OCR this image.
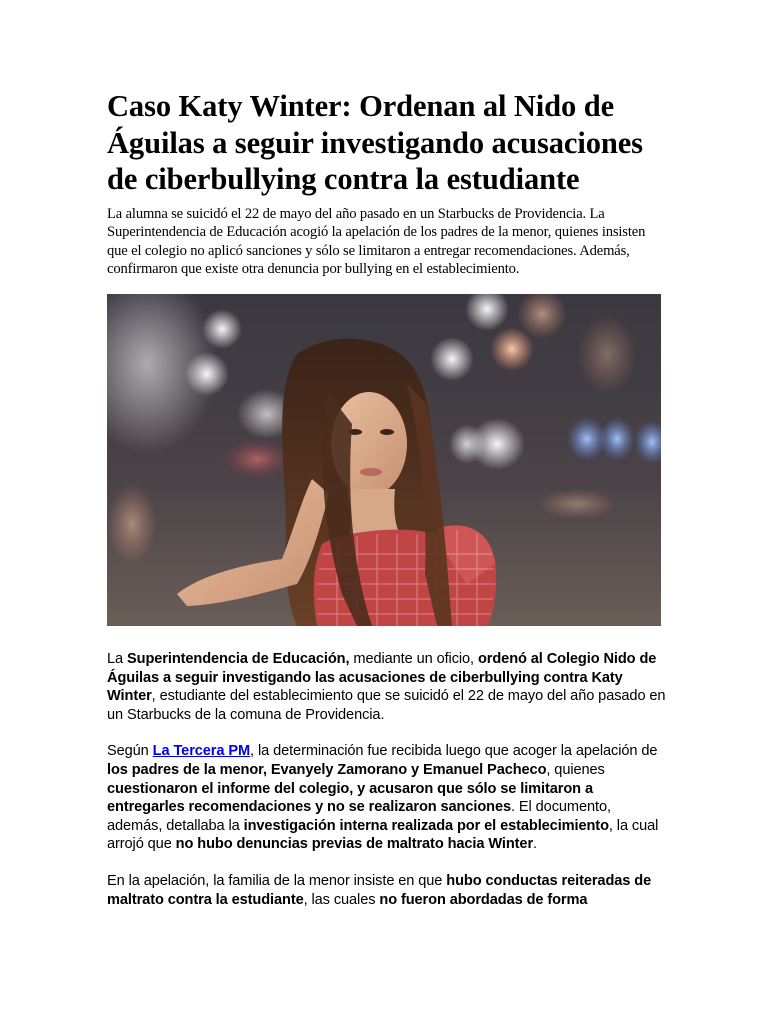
Caso Katy Winter: Ordenan al Nido de Águilas a seguir investigando acusaciones de ciberbullying contra la estudiante

La alumna se suicidó el 22 de mayo del año pasado en un Starbucks de Providencia. La Superintendencia de Educación acogió la apelación de los padres de la menor, quienes insisten que el colegio no aplicó sanciones y sólo se limitaron a entregar recomendaciones. Además, confirmaron que existe otra denuncia por bullying en el establecimiento.

La Superintendencia de Educación, mediante un oficio, ordenó al Colegio Nido de Águilas a seguir investigando las acusaciones de ciberbullying contra Katy Winter, estudiante del establecimiento que se suicidó el 22 de mayo del año pasado en un Starbucks de la comuna de Providencia.

Según La Tercera PM, la determinación fue recibida luego que acoger la apelación de los padres de la menor, Evanyely Zamorano y Emanuel Pacheco, quienes cuestionaron el informe del colegio, y acusaron que sólo se limitaron a entregarles recomendaciones y no se realizaron sanciones. El documento, además, detallaba la investigación interna realizada por el establecimiento, la cual arrojó que no hubo denuncias previas de maltrato hacia Winter.

En la apelación, la familia de la menor insiste en que hubo conductas reiteradas de maltrato contra la estudiante, las cuales no fueron abordadas de forma
